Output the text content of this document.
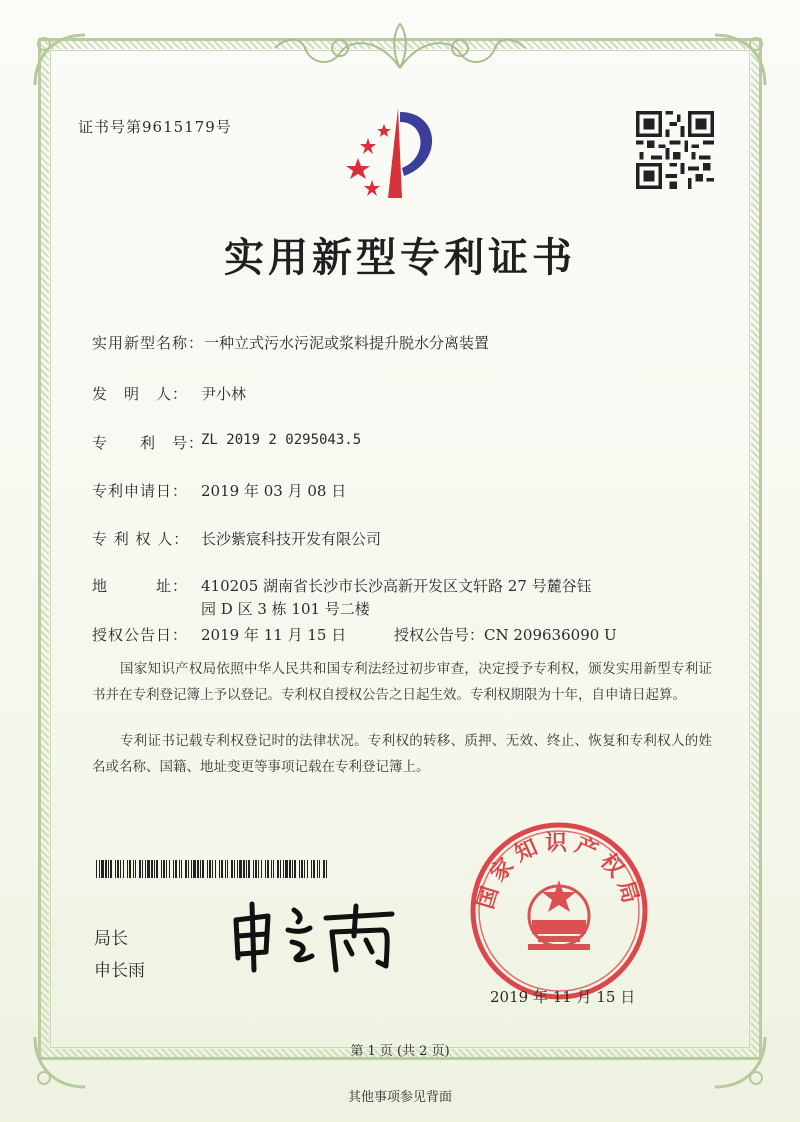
证书号第9615179号
实用新型专利证书
实用新型名称： 一种立式污水污泥或浆料提升脱水分离装置
发　明　人： 尹小林
专　　利　号：
ZL 2019 2 0295043.5
专利申请日： 2019 年 03 月 08 日
专 利 权 人： 长沙紫宸科技开发有限公司
地　　　址： 410205 湖南省长沙市长沙高新开发区文轩路 27 号麓谷钰园 D 区 3 栋 101 号二楼
授权公告日： 2019 年 11 月 15 日	授权公告号：CN 209636090 U
国家知识产权局依照中华人民共和国专利法经过初步审查，决定授予专利权，颁发实用新型专利证书并在专利登记簿上予以登记。专利权自授权公告之日起生效。专利权期限为十年，自申请日起算。
专利证书记载专利权登记时的法律状况。专利权的转移、质押、无效、终止、恢复和专利权人的姓名或名称、国籍、地址变更等事项记载在专利登记簿上。
局长
申长雨
国家知识产权局
2019 年 11 月 15 日
第 1 页 (共 2 页)
其他事项参见背面
